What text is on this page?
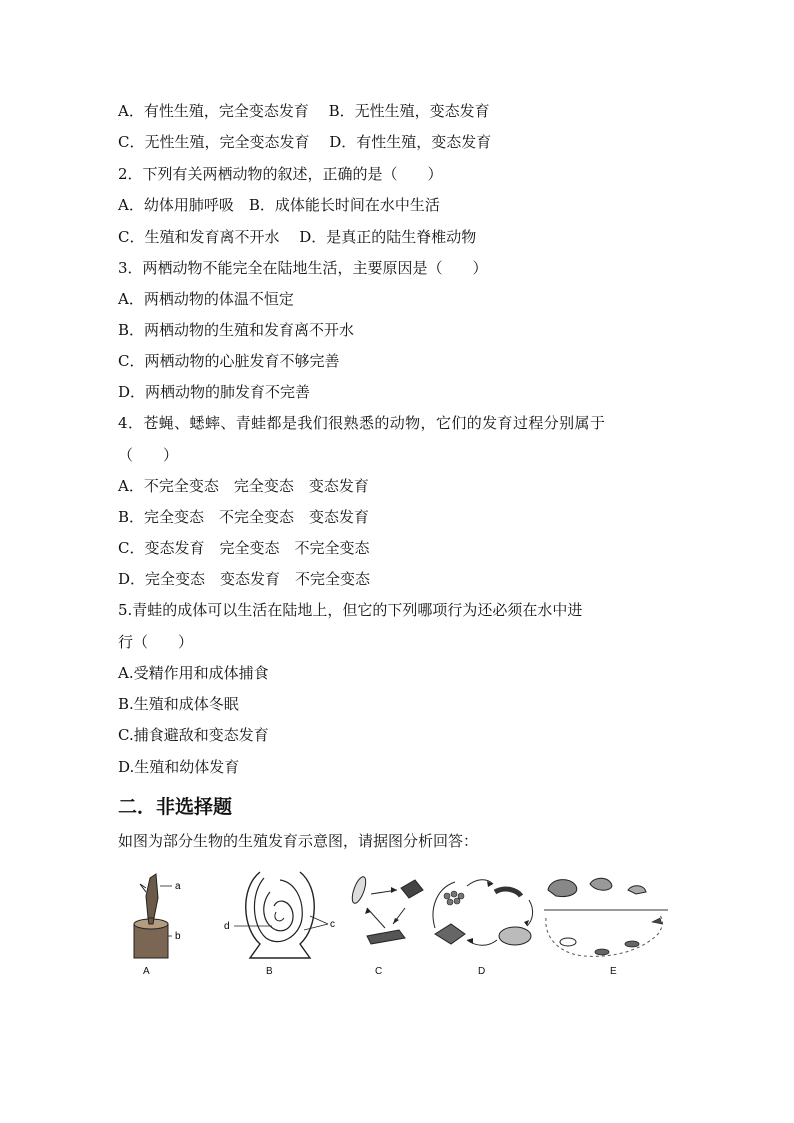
A．有性生殖，完全变态发育　 B．无性生殖，变态发育
C．无性生殖，完全变态发育　 D．有性生殖，变态发育
2．下列有关两栖动物的叙述，正确的是（　　）
A．幼体用肺呼吸　B．成体能长时间在水中生活
C．生殖和发育离不开水　 D．是真正的陆生脊椎动物
3．两栖动物不能完全在陆地生活，主要原因是（　　）
A．两栖动物的体温不恒定
B．两栖动物的生殖和发育离不开水
C．两栖动物的心脏发育不够完善
D．两栖动物的肺发育不完善
4．苍蝇、蟋蟀、青蛙都是我们很熟悉的动物，它们的发育过程分别属于
（　　）
A．不完全变态　完全变态　变态发育
B．完全变态　不完全变态　变态发育
C．变态发育　完全变态　不完全变态
D．完全变态　变态发育　不完全变态
5.青蛙的成体可以生活在陆地上，但它的下列哪项行为还必须在水中进
行（　　）
A.受精作用和成体捕食
B.生殖和成体冬眠
C.捕食避敌和变态发育
D.生殖和幼体发育
二．非选择题
如图为部分生物的生殖发育示意图，请据图分析回答：
a
b
A
d	c
B	C	D	E
